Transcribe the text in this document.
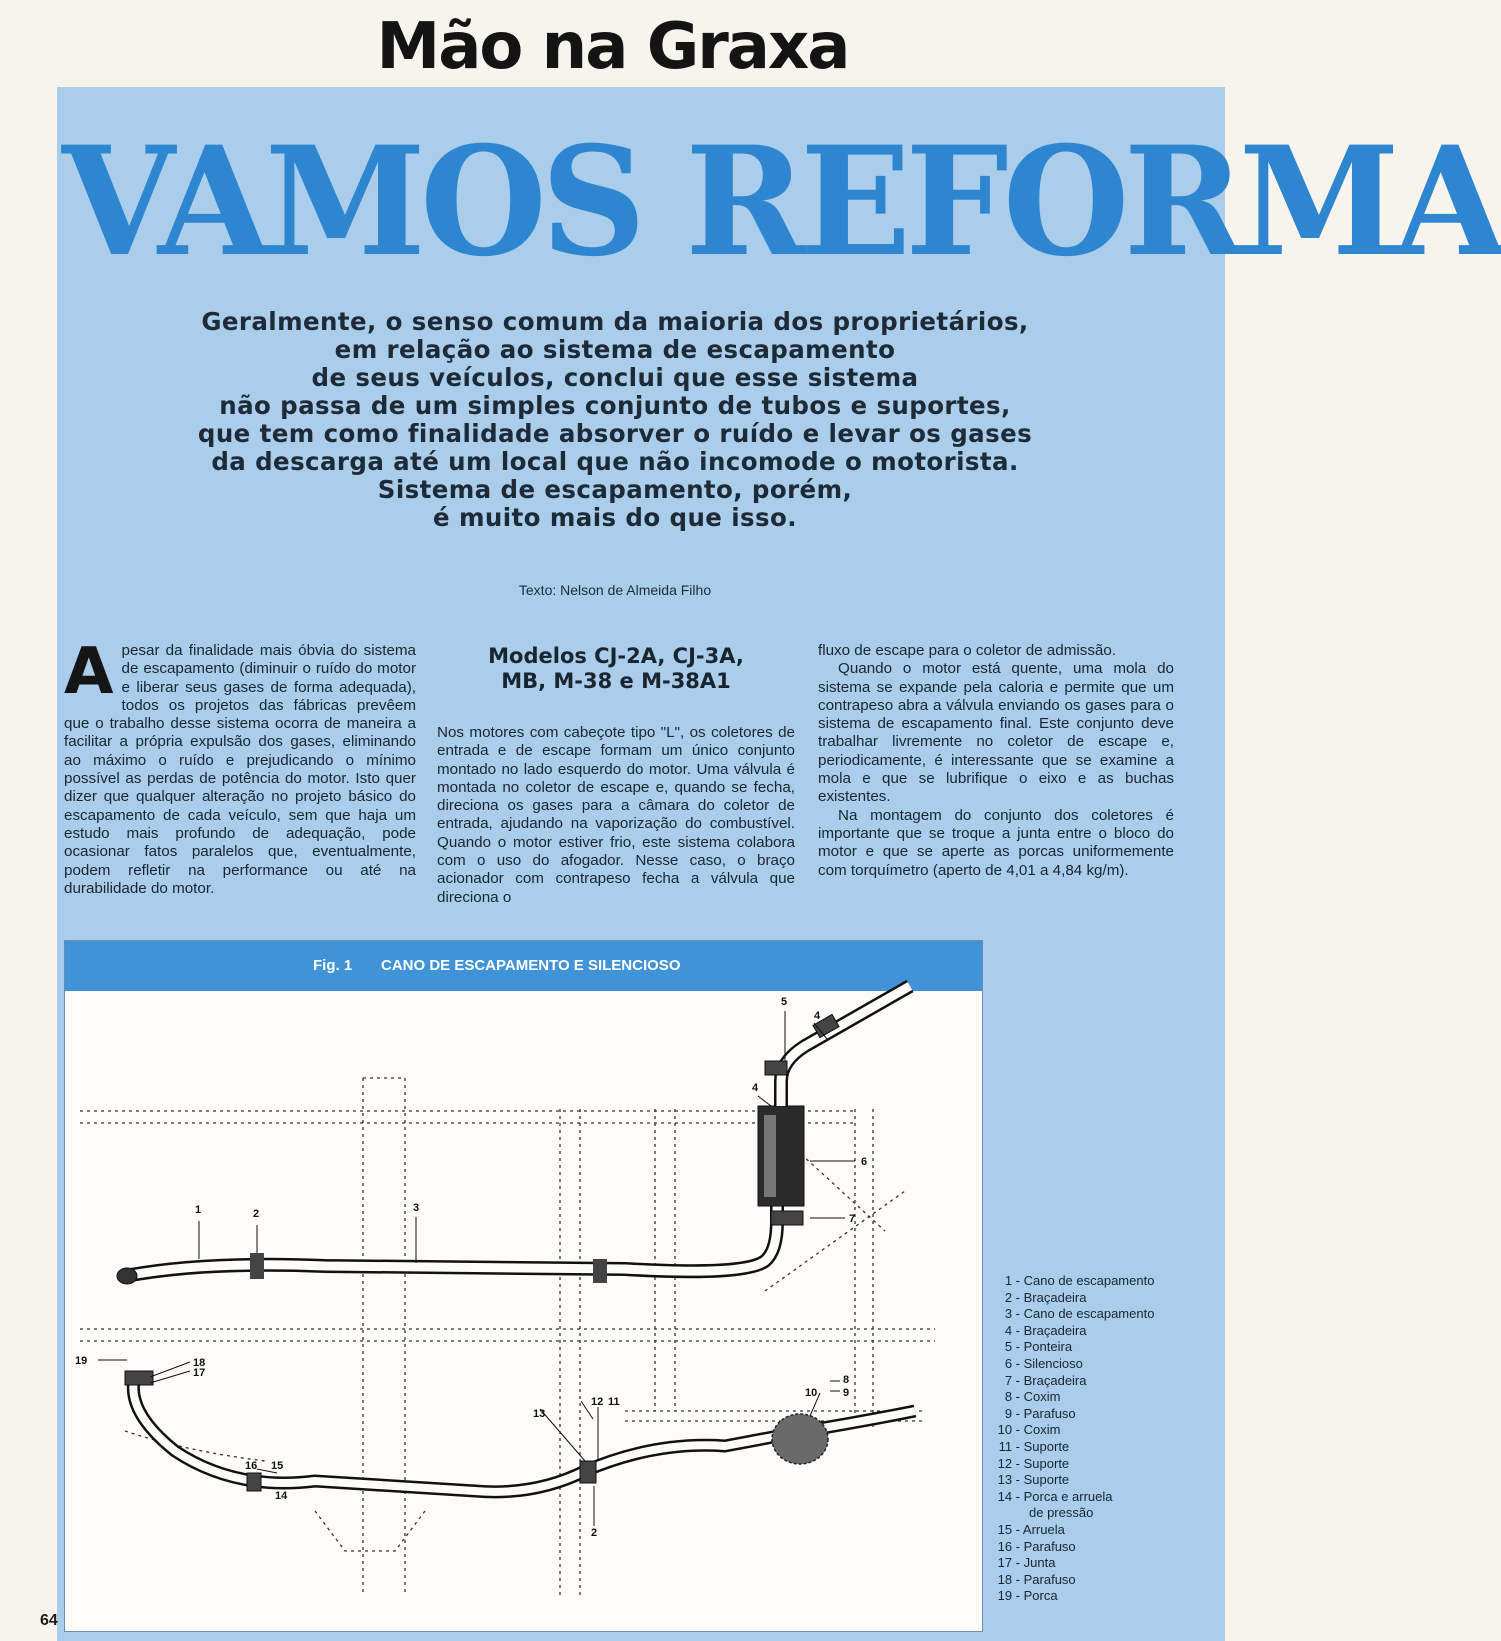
Mão na Graxa
VAMOS REFORMA
Geralmente, o senso comum da maioria dos proprietários,
em relação ao sistema de escapamento
de seus veículos, conclui que esse sistema
não passa de um simples conjunto de tubos e suportes,
que tem como finalidade absorver o ruído e levar os gases
da descarga até um local que não incomode o motorista.
Sistema de escapamento, porém,
é muito mais do que isso.
Texto: Nelson de Almeida Filho
A pesar da finalidade mais óbvia do sistema de escapamento (diminuir o ruído do motor e liberar seus gases de forma adequada), todos os projetos das fábricas prevêem que o trabalho desse sistema ocorra de maneira a facilitar a própria expulsão dos gases, eliminando ao máximo o ruído e prejudicando o mínimo possível as perdas de potência do motor. Isto quer dizer que qualquer alteração no projeto básico do escapamento de cada veículo, sem que haja um estudo mais profundo de adequação, pode ocasionar fatos paralelos que, eventualmente, podem refletir na performance ou até na durabilidade do motor.

Modelos CJ-2A, CJ-3A,
MB, M-38 e M-38A1

Nos motores com cabeçote tipo "L", os coletores de entrada e de escape formam um único conjunto montado no lado esquerdo do motor. Uma válvula é montada no coletor de escape e, quando se fecha, direciona os gases para a câmara do coletor de entrada, ajudando na vaporização do combustível. Quando o motor estiver frio, este sistema colabora com o uso do afogador. Nesse caso, o braço acionador com contrapeso fecha a válvula que direciona o

fluxo de escape para o coletor de admissão.

Quando o motor está quente, uma mola do sistema se expande pela caloria e permite que um contrapeso abra a válvula enviando os gases para o sistema de escapamento final. Este conjunto deve trabalhar livremente no coletor de escape e, periodicamente, é interessante que se examine a mola e que se lubrifique o eixo e as buchas existentes.

Na montagem do conjunto dos coletores é importante que se troque a junta entre o bloco do motor e que se aperte as porcas uniformemente com torquímetro (aperto de 4,01 a 4,84 kg/m).

Fig. 1 CANO DE ESCAPAMENTO E SILENCIOSO
1	2	3
4
5
4
6
7
8
9
10
11
12
13
2
14
15
16
17
18
19
1 - Cano de escapamento
2 - Braçadeira
3 - Cano de escapamento
4 - Braçadeira
5 - Ponteira
6 - Silencioso
7 - Braçadeira
8 - Coxim
9 - Parafuso
10 - Coxim
11 - Suporte
12 - Suporte
13 - Suporte
14 - Porca e arruela
de pressão
15 - Arruela
16 - Parafuso
17 - Junta
18 - Parafuso
19 - Porca
64
